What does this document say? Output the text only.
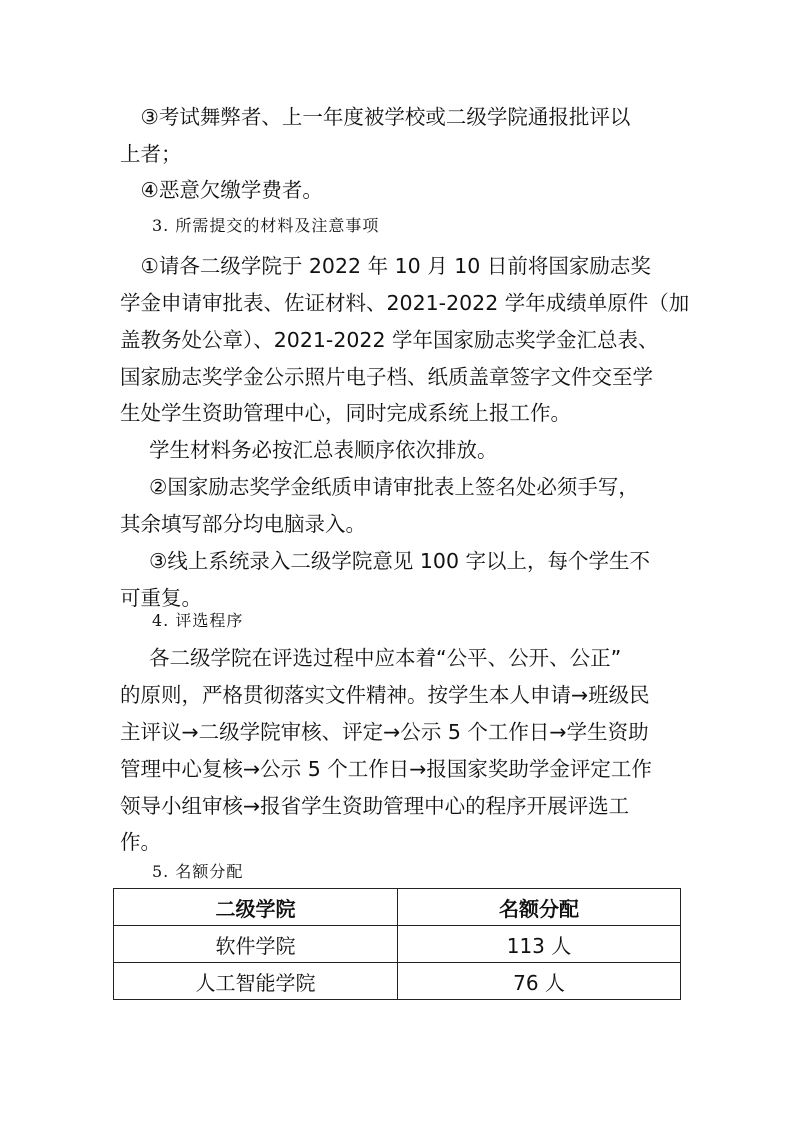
　③考试舞弊者、上一年度被学校或二级学院通报批评以

上者；

　④恶意欠缴学费者。

3. 所需提交的材料及注意事项

　①请各二级学院于 2022 年 10 月 10 日前将国家励志奖

学金申请审批表、佐证材料、2021-2022 学年成绩单原件（加

盖教务处公章）、2021-2022 学年国家励志奖学金汇总表、

国家励志奖学金公示照片电子档、纸质盖章签字文件交至学

生处学生资助管理中心，同时完成系统上报工作。

学生材料务必按汇总表顺序依次排放。

②国家励志奖学金纸质申请审批表上签名处必须手写，

其余填写部分均电脑录入。

③线上系统录入二级学院意见 100 字以上，每个学生不

可重复。

4. 评选程序

各二级学院在评选过程中应本着“公平、公开、公正”

的原则，严格贯彻落实文件精神。按学生本人申请→班级民

主评议→二级学院审核、评定→公示 5 个工作日→学生资助

管理中心复核→公示 5 个工作日→报国家奖助学金评定工作

领导小组审核→报省学生资助管理中心的程序开展评选工

作。

5. 名额分配

二级学院	名额分配
软件学院	113 人
人工智能学院	76 人
